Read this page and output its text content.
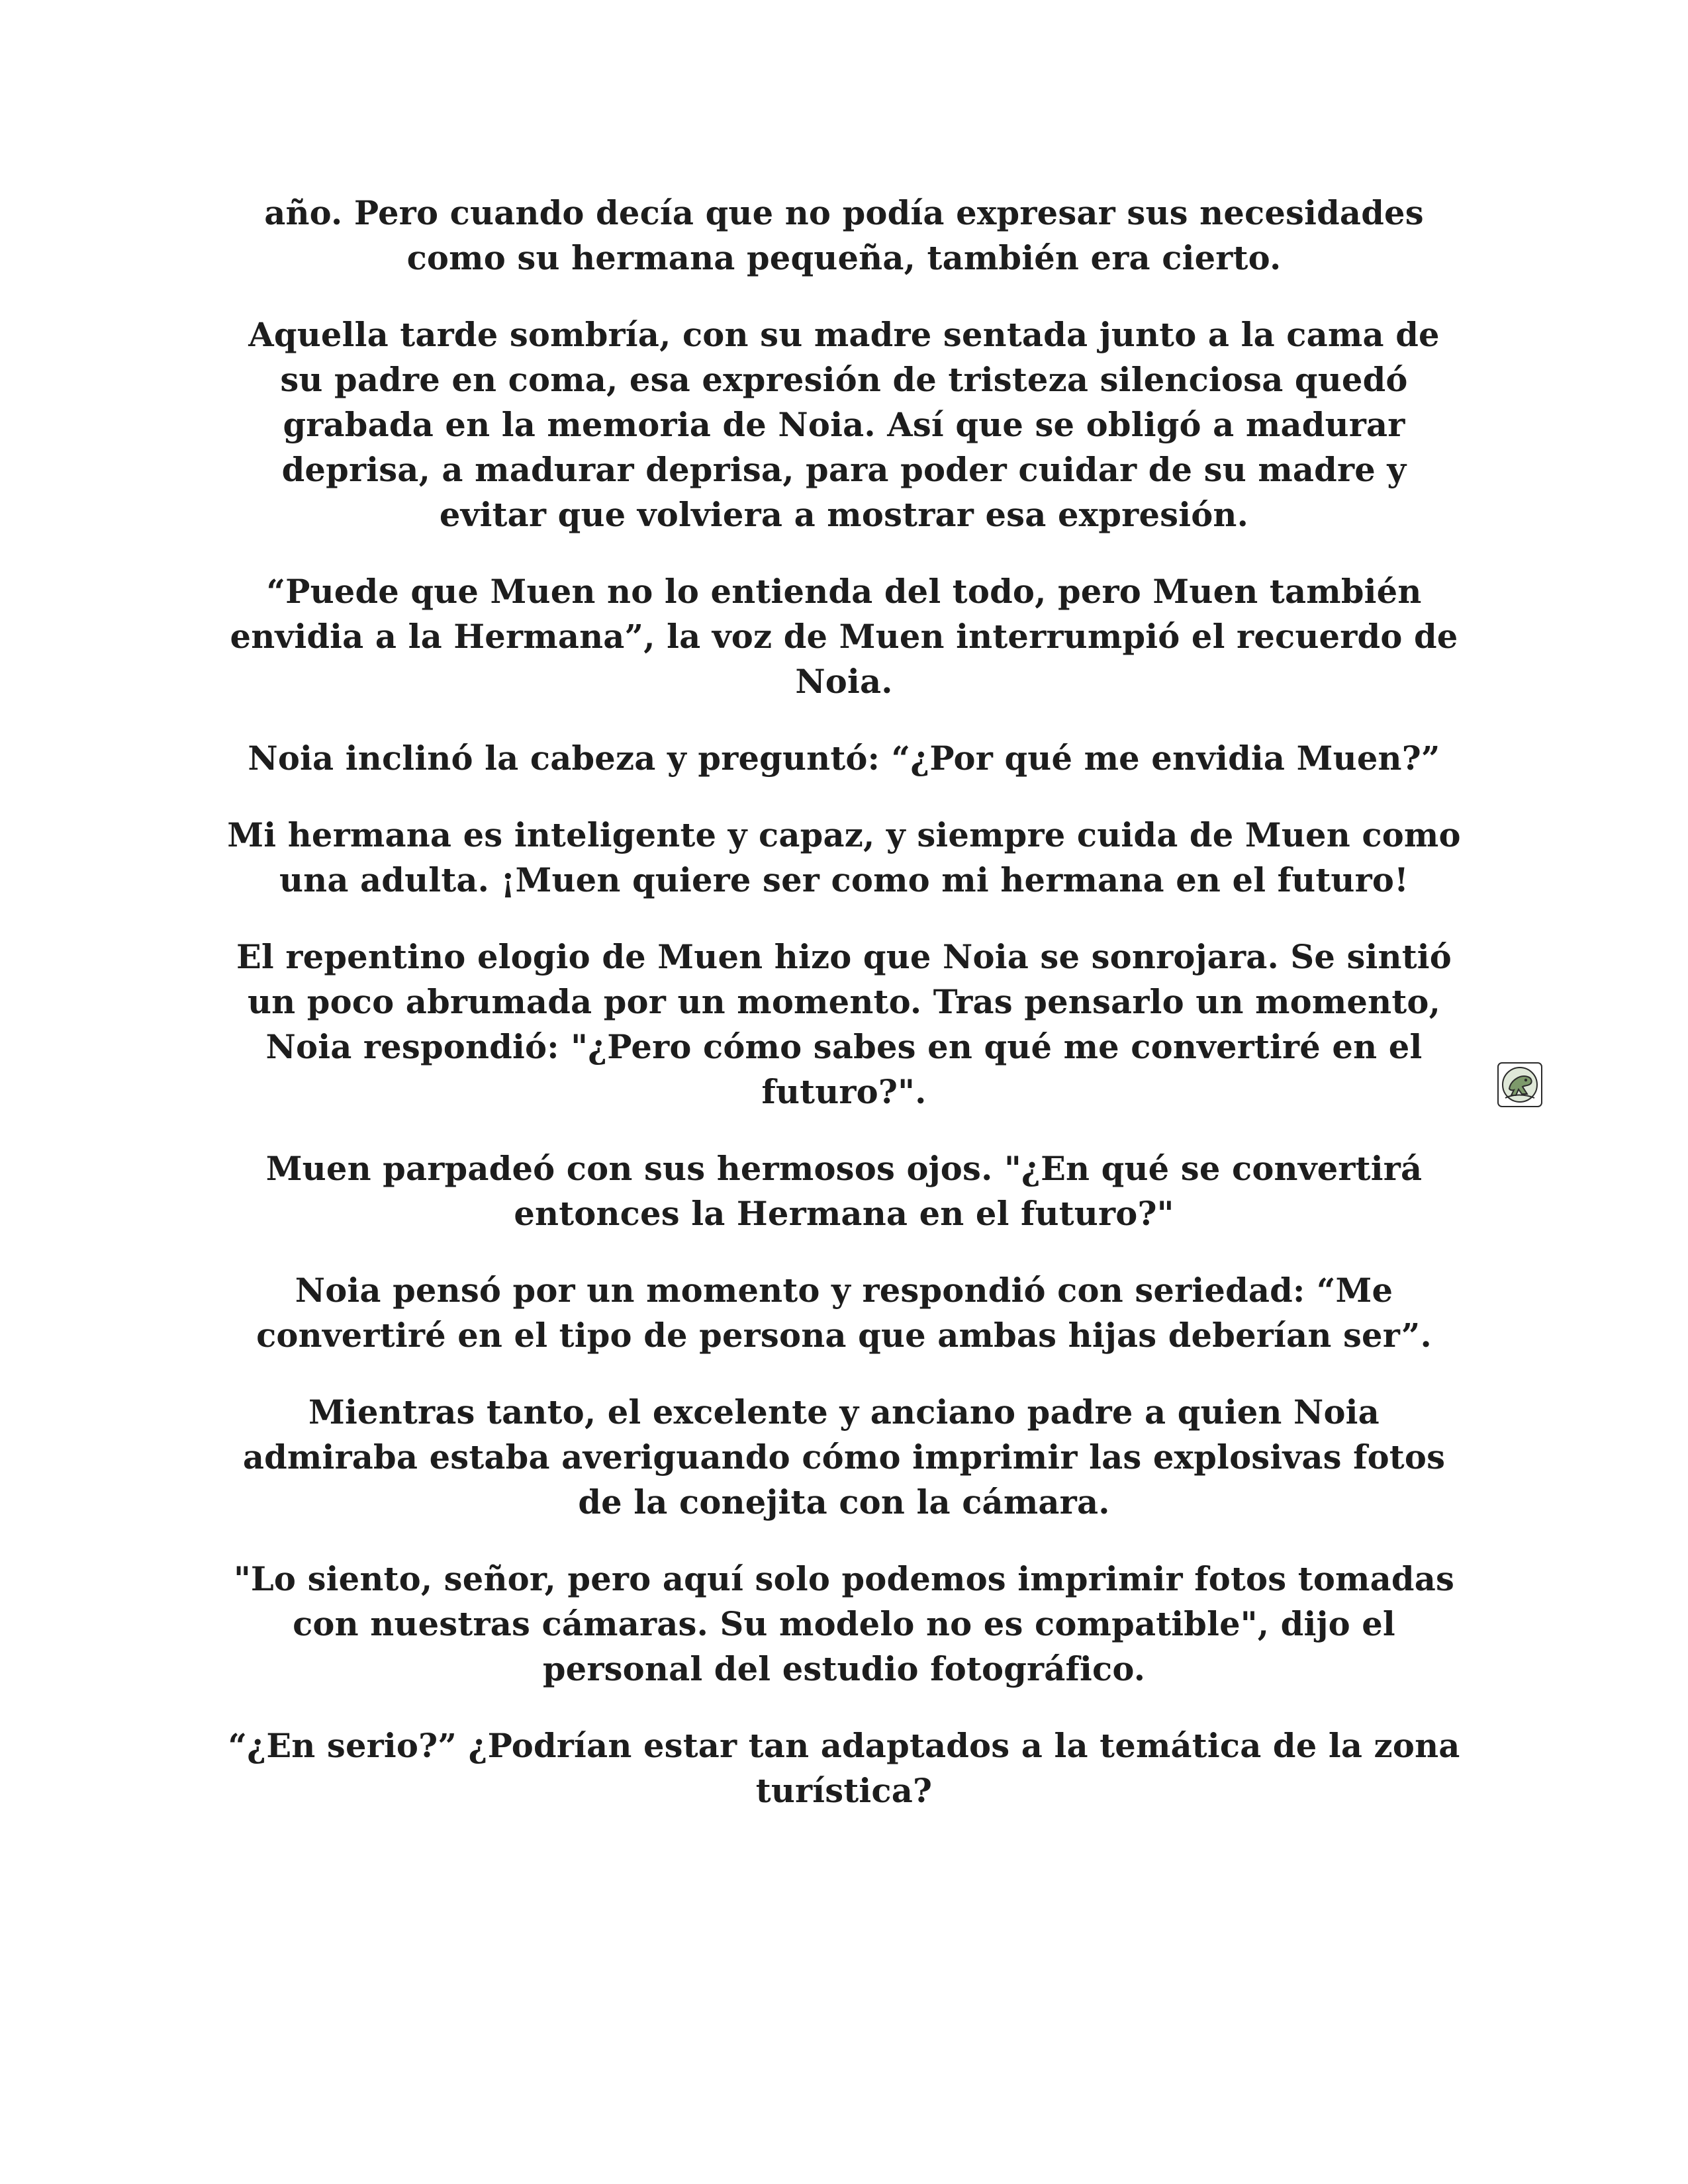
año. Pero cuando decía que no podía expresar sus necesidades como su hermana pequeña, también era cierto.

Aquella tarde sombría, con su madre sentada junto a la cama de su padre en coma, esa expresión de tristeza silenciosa quedó grabada en la memoria de Noia. Así que se obligó a madurar deprisa, a madurar deprisa, para poder cuidar de su madre y evitar que volviera a mostrar esa expresión.

“Puede que Muen no lo entienda del todo, pero Muen también envidia a la Hermana”, la voz de Muen interrumpió el recuerdo de Noia.

Noia inclinó la cabeza y preguntó: “¿Por qué me envidia Muen?”

Mi hermana es inteligente y capaz, y siempre cuida de Muen como una adulta. ¡Muen quiere ser como mi hermana en el futuro!

El repentino elogio de Muen hizo que Noia se sonrojara. Se sintió un poco abrumada por un momento. Tras pensarlo un momento, Noia respondió: "¿Pero cómo sabes en qué me convertiré en el futuro?".

Muen parpadeó con sus hermosos ojos. "¿En qué se convertirá entonces la Hermana en el futuro?"

Noia pensó por un momento y respondió con seriedad: “Me convertiré en el tipo de persona que ambas hijas deberían ser”.

Mientras tanto, el excelente y anciano padre a quien Noia admiraba estaba averiguando cómo imprimir las explosivas fotos de la conejita con la cámara.

"Lo siento, señor, pero aquí solo podemos imprimir fotos tomadas con nuestras cámaras. Su modelo no es compatible", dijo el personal del estudio fotográfico.

“¿En serio?” ¿Podrían estar tan adaptados a la temática de la zona turística?
